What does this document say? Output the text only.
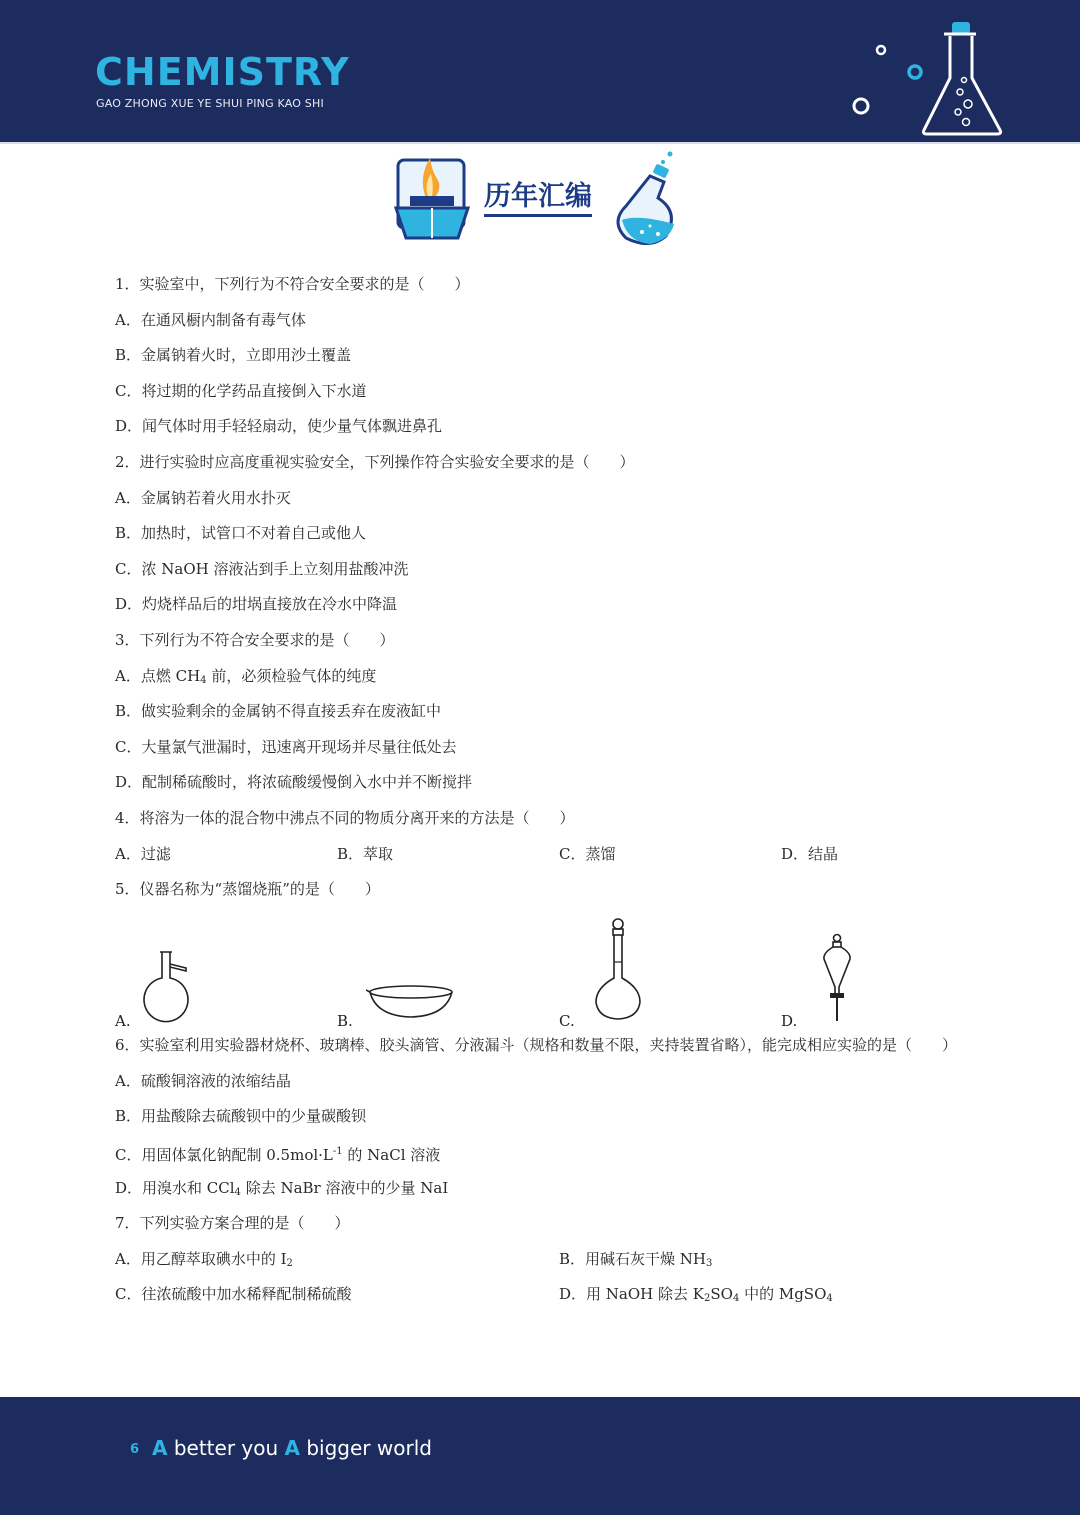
CHEMISTRY
GAO ZHONG XUE YE SHUI PING KAO SHI
历年汇编
1．实验室中，下列行为不符合安全要求的是（　　）
A．在通风橱内制备有毒气体
B．金属钠着火时，立即用沙土覆盖
C．将过期的化学药品直接倒入下水道
D．闻气体时用手轻轻扇动，使少量气体飘进鼻孔
2．进行实验时应高度重视实验安全，下列操作符合实验安全要求的是（　　）
A．金属钠若着火用水扑灭
B．加热时，试管口不对着自己或他人
C．浓 NaOH 溶液沾到手上立刻用盐酸冲洗
D．灼烧样品后的坩埚直接放在冷水中降温
3．下列行为不符合安全要求的是（　　）
A．点燃 $CH_4$ 前，必须检验气体的纯度
B．做实验剩余的金属钠不得直接丢弃在废液缸中
C．大量氯气泄漏时，迅速离开现场并尽量往低处去
D．配制稀硫酸时，将浓硫酸缓慢倒入水中并不断搅拌
4．将溶为一体的混合物中沸点不同的物质分离开来的方法是（　　）
A．过滤	B．萃取	C．蒸馏	D．结晶
5．仪器名称为“蒸馏烧瓶”的是（　　）
A.	B.	C.	D.
6．实验室利用实验器材烧杯、玻璃棒、胶头滴管、分液漏斗（规格和数量不限，夹持装置省略），能完成相应实验的是（　　）
A．硫酸铜溶液的浓缩结晶
B．用盐酸除去硫酸钡中的少量碳酸钡
C．用固体氯化钠配制 $0.5mol\cdot L^{-1}$ 的 NaCl 溶液
D．用溴水和 CCl$_4$ 除去 NaBr 溶液中的少量 NaI
7．下列实验方案合理的是（　　）
A．用乙醇萃取碘水中的 $I_2$	B．用碱石灰干燥 $NH_3$
C．往浓硫酸中加水稀释配制稀硫酸	D．用 NaOH 除去 $K_2SO_4$ 中的 MgSO$_4$
6 A better you A bigger world
